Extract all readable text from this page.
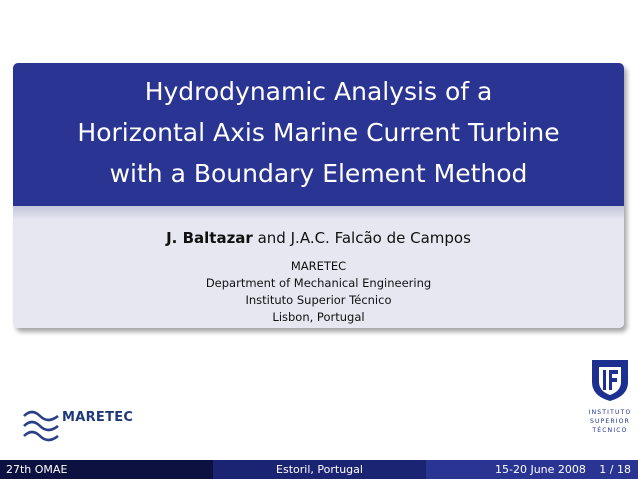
Hydrodynamic Analysis of a
Horizontal Axis Marine Current Turbine
with a Boundary Element Method
J. Baltazar and J.A.C. Falcão de Campos
MARETEC
Department of Mechanical Engineering
Instituto Superior Técnico
Lisbon, Portugal
MARETEC	INSTITUTO
SUPERIOR
TÉCNICO
27th OMAE	Estoril, Portugal	15-20 June 2008 1 / 18
